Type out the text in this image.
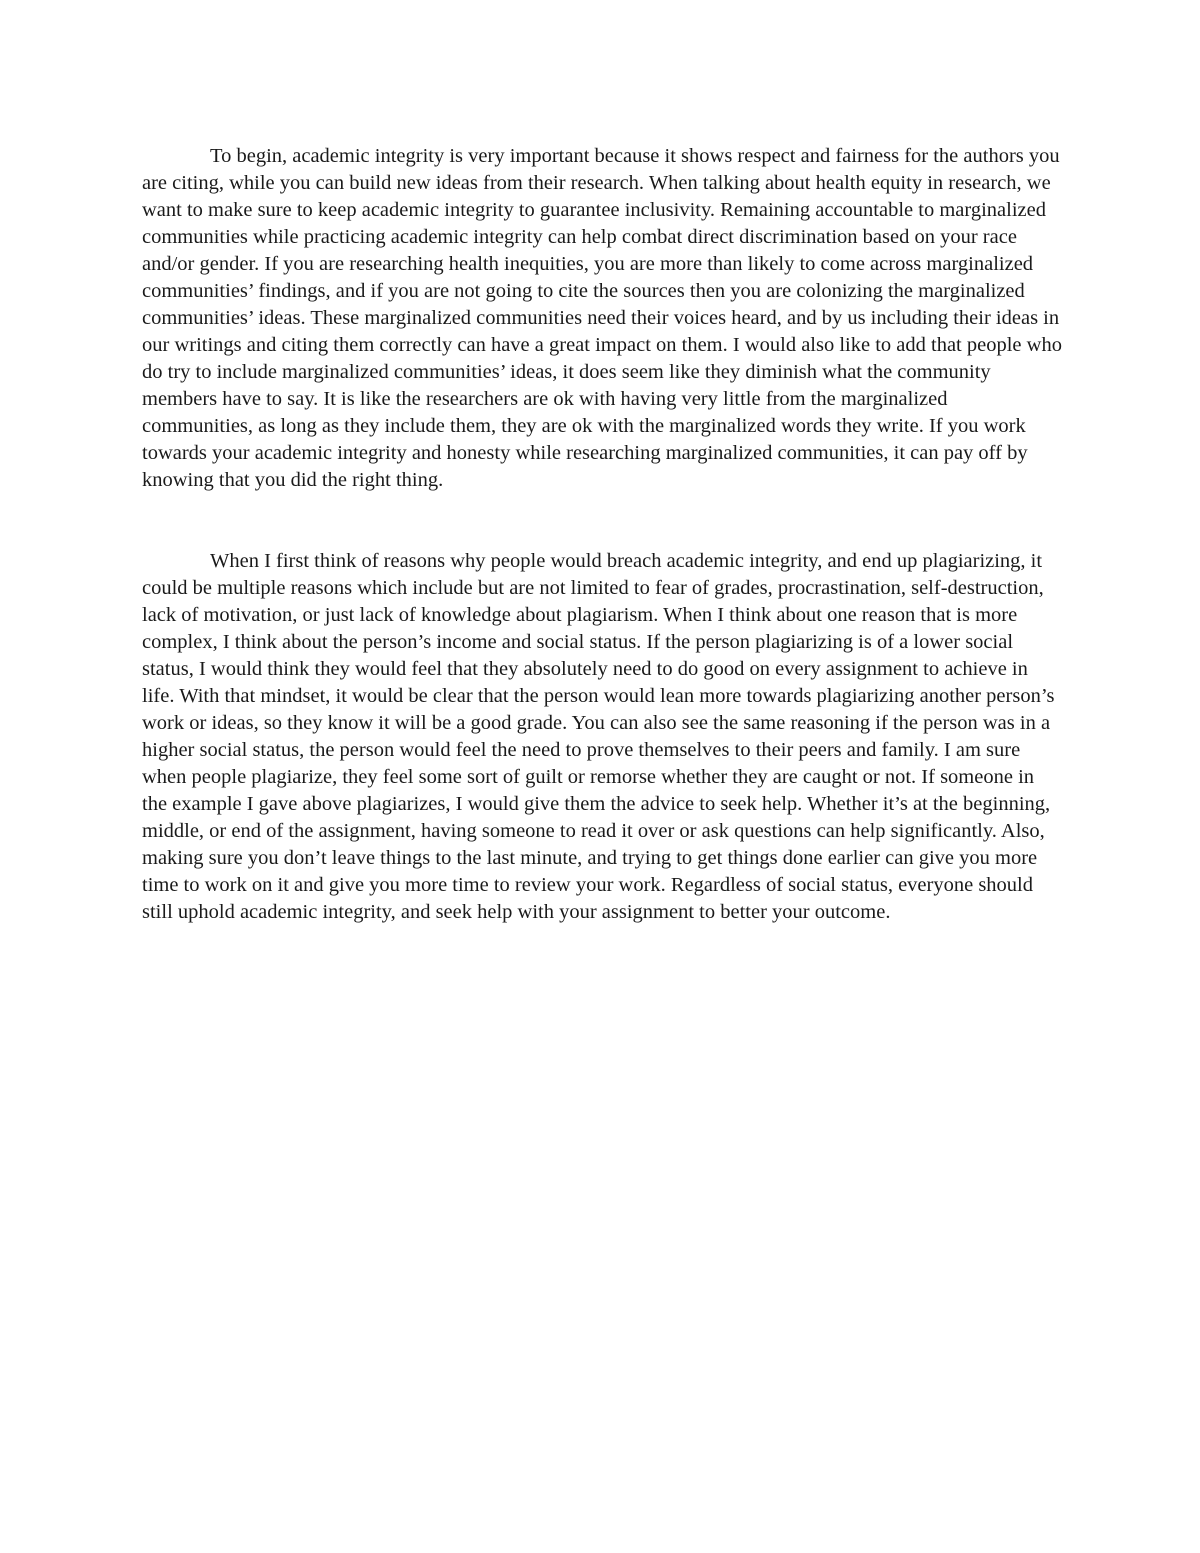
To begin, academic integrity is very important because it shows respect and fairness for the authors you are citing, while you can build new ideas from their research. When talking about health equity in research, we want to make sure to keep academic integrity to guarantee inclusivity. Remaining accountable to marginalized communities while practicing academic integrity can help combat direct discrimination based on your race and/or gender. If you are researching health inequities, you are more than likely to come across marginalized communities’ findings, and if you are not going to cite the sources then you are colonizing the marginalized communities’ ideas. These marginalized communities need their voices heard, and by us including their ideas in our writings and citing them correctly can have a great impact on them. I would also like to add that people who do try to include marginalized communities’ ideas, it does seem like they diminish what the community members have to say. It is like the researchers are ok with having very little from the marginalized communities, as long as they include them, they are ok with the marginalized words they write. If you work towards your academic integrity and honesty while researching marginalized communities, it can pay off by knowing that you did the right thing.

When I first think of reasons why people would breach academic integrity, and end up plagiarizing, it could be multiple reasons which include but are not limited to fear of grades, procrastination, self-destruction, lack of motivation, or just lack of knowledge about plagiarism. When I think about one reason that is more complex, I think about the person’s income and social status. If the person plagiarizing is of a lower social status, I would think they would feel that they absolutely need to do good on every assignment to achieve in life. With that mindset, it would be clear that the person would lean more towards plagiarizing another person’s work or ideas, so they know it will be a good grade. You can also see the same reasoning if the person was in a higher social status, the person would feel the need to prove themselves to their peers and family. I am sure when people plagiarize, they feel some sort of guilt or remorse whether they are caught or not. If someone in the example I gave above plagiarizes, I would give them the advice to seek help. Whether it’s at the beginning, middle, or end of the assignment, having someone to read it over or ask questions can help significantly. Also, making sure you don’t leave things to the last minute, and trying to get things done earlier can give you more time to work on it and give you more time to review your work. Regardless of social status, everyone should still uphold academic integrity, and seek help with your assignment to better your outcome.
